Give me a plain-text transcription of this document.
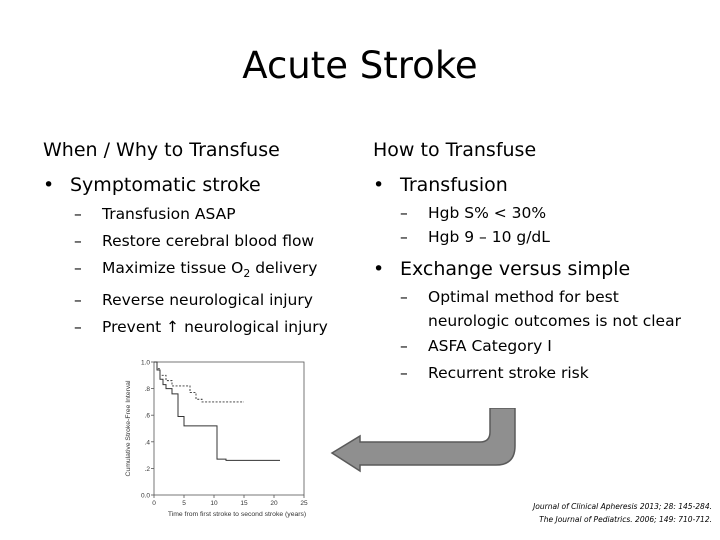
Acute Stroke
When / Why to Transfuse
• Symptomatic stroke
–	Transfusion ASAP
–	Restore cerebral blood flow
–	Maximize tissue $O_2$ delivery
–	Reverse neurological injury
–	Prevent ↑ neurological injury
How to Transfuse
• Transfusion
–	Hgb S% < 30%
–	Hgb 9 – 10 g/dL
• Exchange versus simple
–	Optimal method for best neurologic outcomes is not clear
–	ASFA Category I
–	Recurrent stroke risk
1.0
.8
.6
.4
.2
0.0
0	5	10	15	20	25
Cumulative Stroke-Free Interval
Time from first stroke to second stroke (years)
Journal of Clinical Apheresis 2013; 28: 145-284.
The Journal of Pediatrics. 2006; 149: 710-712.
